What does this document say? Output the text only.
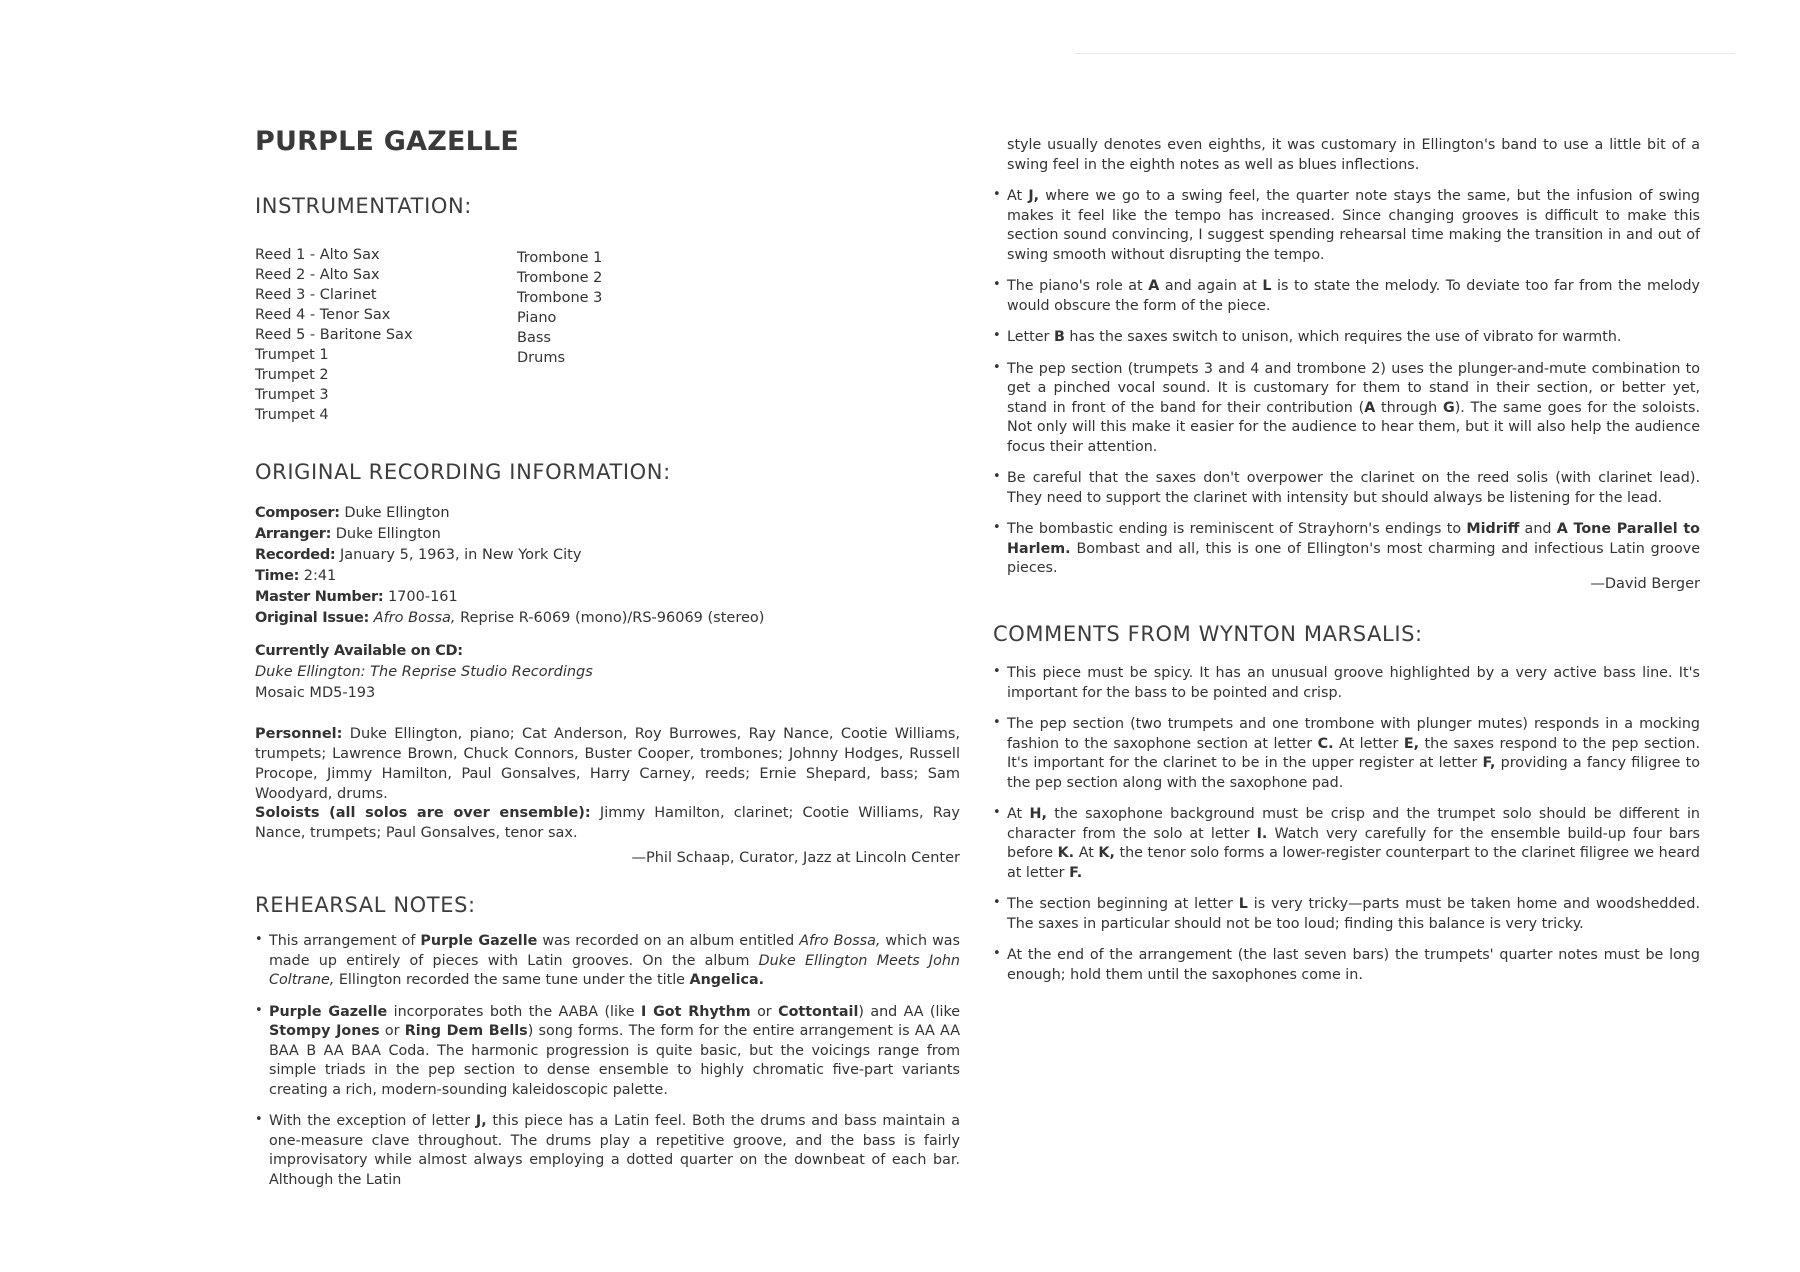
PURPLE GAZELLE
INSTRUMENTATION:
Reed 1 - Alto Sax
Reed 2 - Alto Sax
Reed 3 - Clarinet
Reed 4 - Tenor Sax
Reed 5 - Baritone Sax
Trumpet 1
Trumpet 2
Trumpet 3
Trumpet 4
Trombone 1
Trombone 2
Trombone 3
Piano
Bass
Drums
ORIGINAL RECORDING INFORMATION:
Composer: Duke Ellington
Arranger: Duke Ellington
Recorded: January 5, 1963, in New York City
Time: 2:41
Master Number: 1700-161
Original Issue: Afro Bossa, Reprise R-6069 (mono)/RS-96069 (stereo)
Currently Available on CD:
Duke Ellington: The Reprise Studio Recordings
Mosaic MD5-193
Personnel: Duke Ellington, piano; Cat Anderson, Roy Burrowes, Ray Nance, Cootie Williams, trumpets; Lawrence Brown, Chuck Connors, Buster Cooper, trombones; Johnny Hodges, Russell Procope, Jimmy Hamilton, Paul Gonsalves, Harry Carney, reeds; Ernie Shepard, bass; Sam Woodyard, drums.
Soloists (all solos are over ensemble): Jimmy Hamilton, clarinet; Cootie Williams, Ray Nance, trumpets; Paul Gonsalves, tenor sax.
—Phil Schaap, Curator, Jazz at Lincoln Center
REHEARSAL NOTES:
• This arrangement of Purple Gazelle was recorded on an album entitled Afro Bossa, which was made up entirely of pieces with Latin grooves. On the album Duke Ellington Meets John Coltrane, Ellington recorded the same tune under the title Angelica.
• Purple Gazelle incorporates both the AABA (like I Got Rhythm or Cottontail) and AA (like Stompy Jones or Ring Dem Bells) song forms. The form for the entire arrangement is AA AA BAA B AA BAA Coda. The harmonic progression is quite basic, but the voicings range from simple triads in the pep section to dense ensemble to highly chromatic five-part variants creating a rich, modern-sounding kaleidoscopic palette.
• With the exception of letter J, this piece has a Latin feel. Both the drums and bass maintain a one-measure clave throughout. The drums play a repetitive groove, and the bass is fairly improvisatory while almost always employing a dotted quarter on the downbeat of each bar. Although the Latin
style usually denotes even eighths, it was customary in Ellington's band to use a little bit of a swing feel in the eighth notes as well as blues inflections.
• At J, where we go to a swing feel, the quarter note stays the same, but the infusion of swing makes it feel like the tempo has increased. Since changing grooves is difficult to make this section sound convincing, I suggest spending rehearsal time making the transition in and out of swing smooth without disrupting the tempo.
• The piano's role at A and again at L is to state the melody. To deviate too far from the melody would obscure the form of the piece.
• Letter B has the saxes switch to unison, which requires the use of vibrato for warmth.
• The pep section (trumpets 3 and 4 and trombone 2) uses the plunger-and-mute combination to get a pinched vocal sound. It is customary for them to stand in their section, or better yet, stand in front of the band for their contribution (A through G). The same goes for the soloists. Not only will this make it easier for the audience to hear them, but it will also help the audience focus their attention.
• Be careful that the saxes don't overpower the clarinet on the reed solis (with clarinet lead). They need to support the clarinet with intensity but should always be listening for the lead.
• The bombastic ending is reminiscent of Strayhorn's endings to Midriff and A Tone Parallel to Harlem. Bombast and all, this is one of Ellington's most charming and infectious Latin groove pieces.
—David Berger
COMMENTS FROM WYNTON MARSALIS:
• This piece must be spicy. It has an unusual groove highlighted by a very active bass line. It's important for the bass to be pointed and crisp.
• The pep section (two trumpets and one trombone with plunger mutes) responds in a mocking fashion to the saxophone section at letter C. At letter E, the saxes respond to the pep section. It's important for the clarinet to be in the upper register at letter F, providing a fancy filigree to the pep section along with the saxophone pad.
• At H, the saxophone background must be crisp and the trumpet solo should be different in character from the solo at letter I. Watch very carefully for the ensemble build-up four bars before K. At K, the tenor solo forms a lower-register counterpart to the clarinet filigree we heard at letter F.
• The section beginning at letter L is very tricky—parts must be taken home and woodshedded. The saxes in particular should not be too loud; finding this balance is very tricky.
• At the end of the arrangement (the last seven bars) the trumpets' quarter notes must be long enough; hold them until the saxophones come in.
